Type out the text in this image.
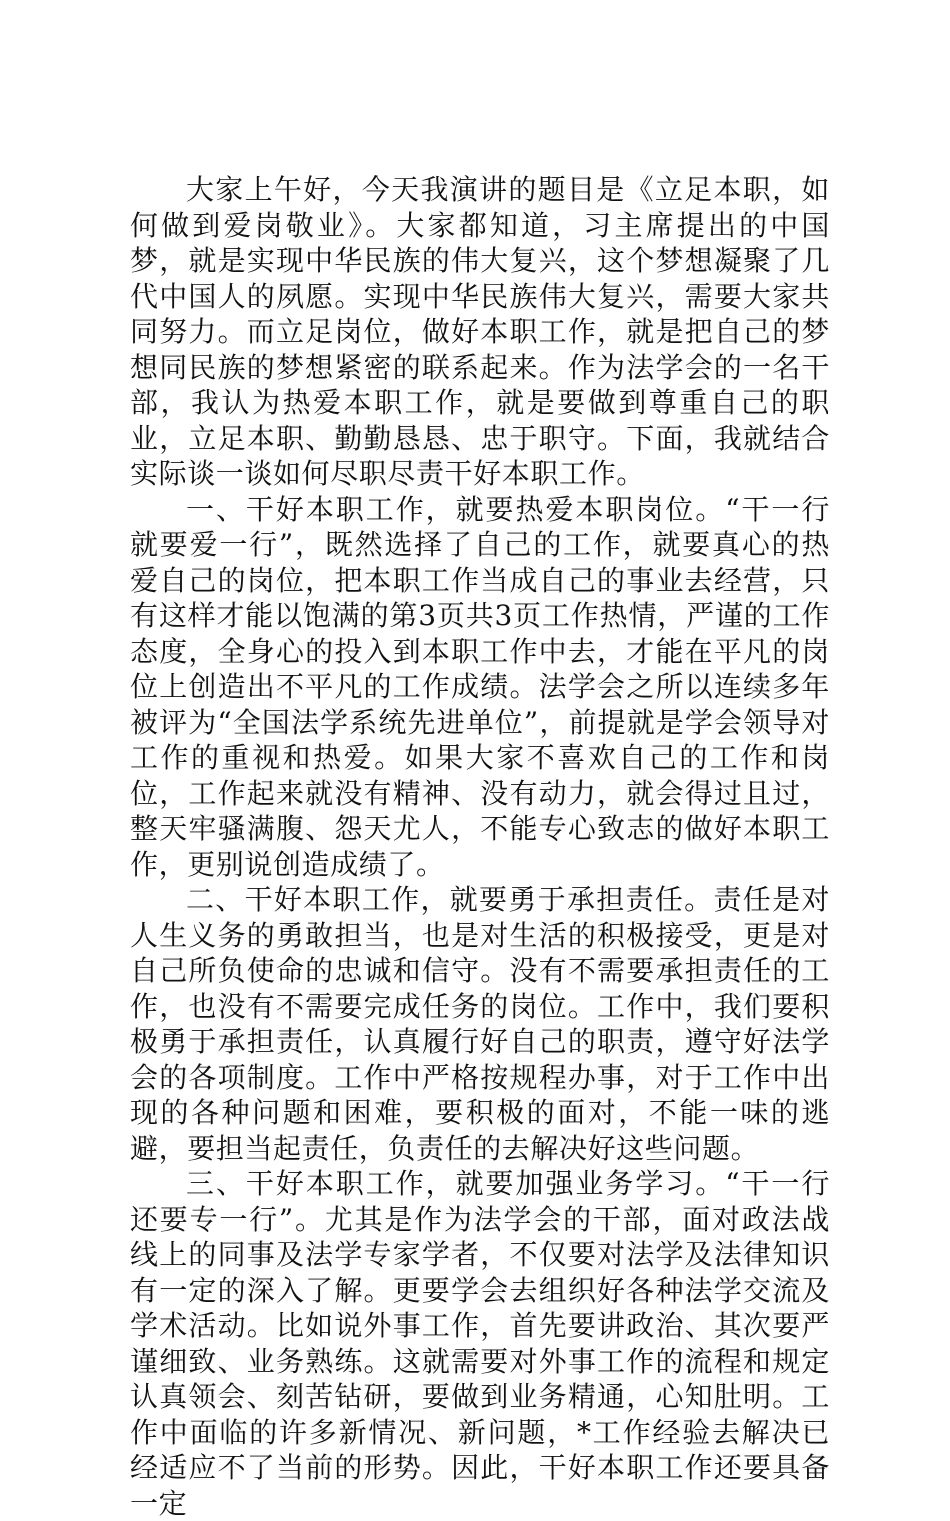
大家上午好，今天我演讲的题目是《立足本职，如何做到爱岗敬业》。大家都知道，习主席提出的中国梦，就是实现中华民族的伟大复兴，这个梦想凝聚了几代中国人的夙愿。实现中华民族伟大复兴，需要大家共同努力。而立足岗位，做好本职工作，就是把自己的梦想同民族的梦想紧密的联系起来。作为法学会的一名干部，我认为热爱本职工作，就是要做到尊重自己的职业，立足本职、勤勤恳恳、忠于职守。下面，我就结合实际谈一谈如何尽职尽责干好本职工作。

一、干好本职工作，就要热爱本职岗位。“干一行就要爱一行”，既然选择了自己的工作，就要真心的热爱自己的岗位，把本职工作当成自己的事业去经营，只有这样才能以饱满的第3页共3页工作热情，严谨的工作态度，全身心的投入到本职工作中去，才能在平凡的岗位上创造出不平凡的工作成绩。法学会之所以连续多年被评为“全国法学系统先进单位”，前提就是学会领导对工作的重视和热爱。如果大家不喜欢自己的工作和岗位，工作起来就没有精神、没有动力，就会得过且过，整天牢骚满腹、怨天尤人，不能专心致志的做好本职工作，更别说创造成绩了。

二、干好本职工作，就要勇于承担责任。责任是对人生义务的勇敢担当，也是对生活的积极接受，更是对自己所负使命的忠诚和信守。没有不需要承担责任的工作，也没有不需要完成任务的岗位。工作中，我们要积极勇于承担责任，认真履行好自己的职责，遵守好法学会的各项制度。工作中严格按规程办事，对于工作中出现的各种问题和困难，要积极的面对，不能一味的逃避，要担当起责任，负责任的去解决好这些问题。

三、干好本职工作，就要加强业务学习。“干一行还要专一行”。尤其是作为法学会的干部，面对政法战线上的同事及法学专家学者，不仅要对法学及法律知识有一定的深入了解。更要学会去组织好各种法学交流及学术活动。比如说外事工作，首先要讲政治、其次要严谨细致、业务熟练。这就需要对外事工作的流程和规定认真领会、刻苦钻研，要做到业务精通，心知肚明。工作中面临的许多新情况、新问题，*工作经验去解决已经适应不了当前的形势。因此，干好本职工作还要具备一定
